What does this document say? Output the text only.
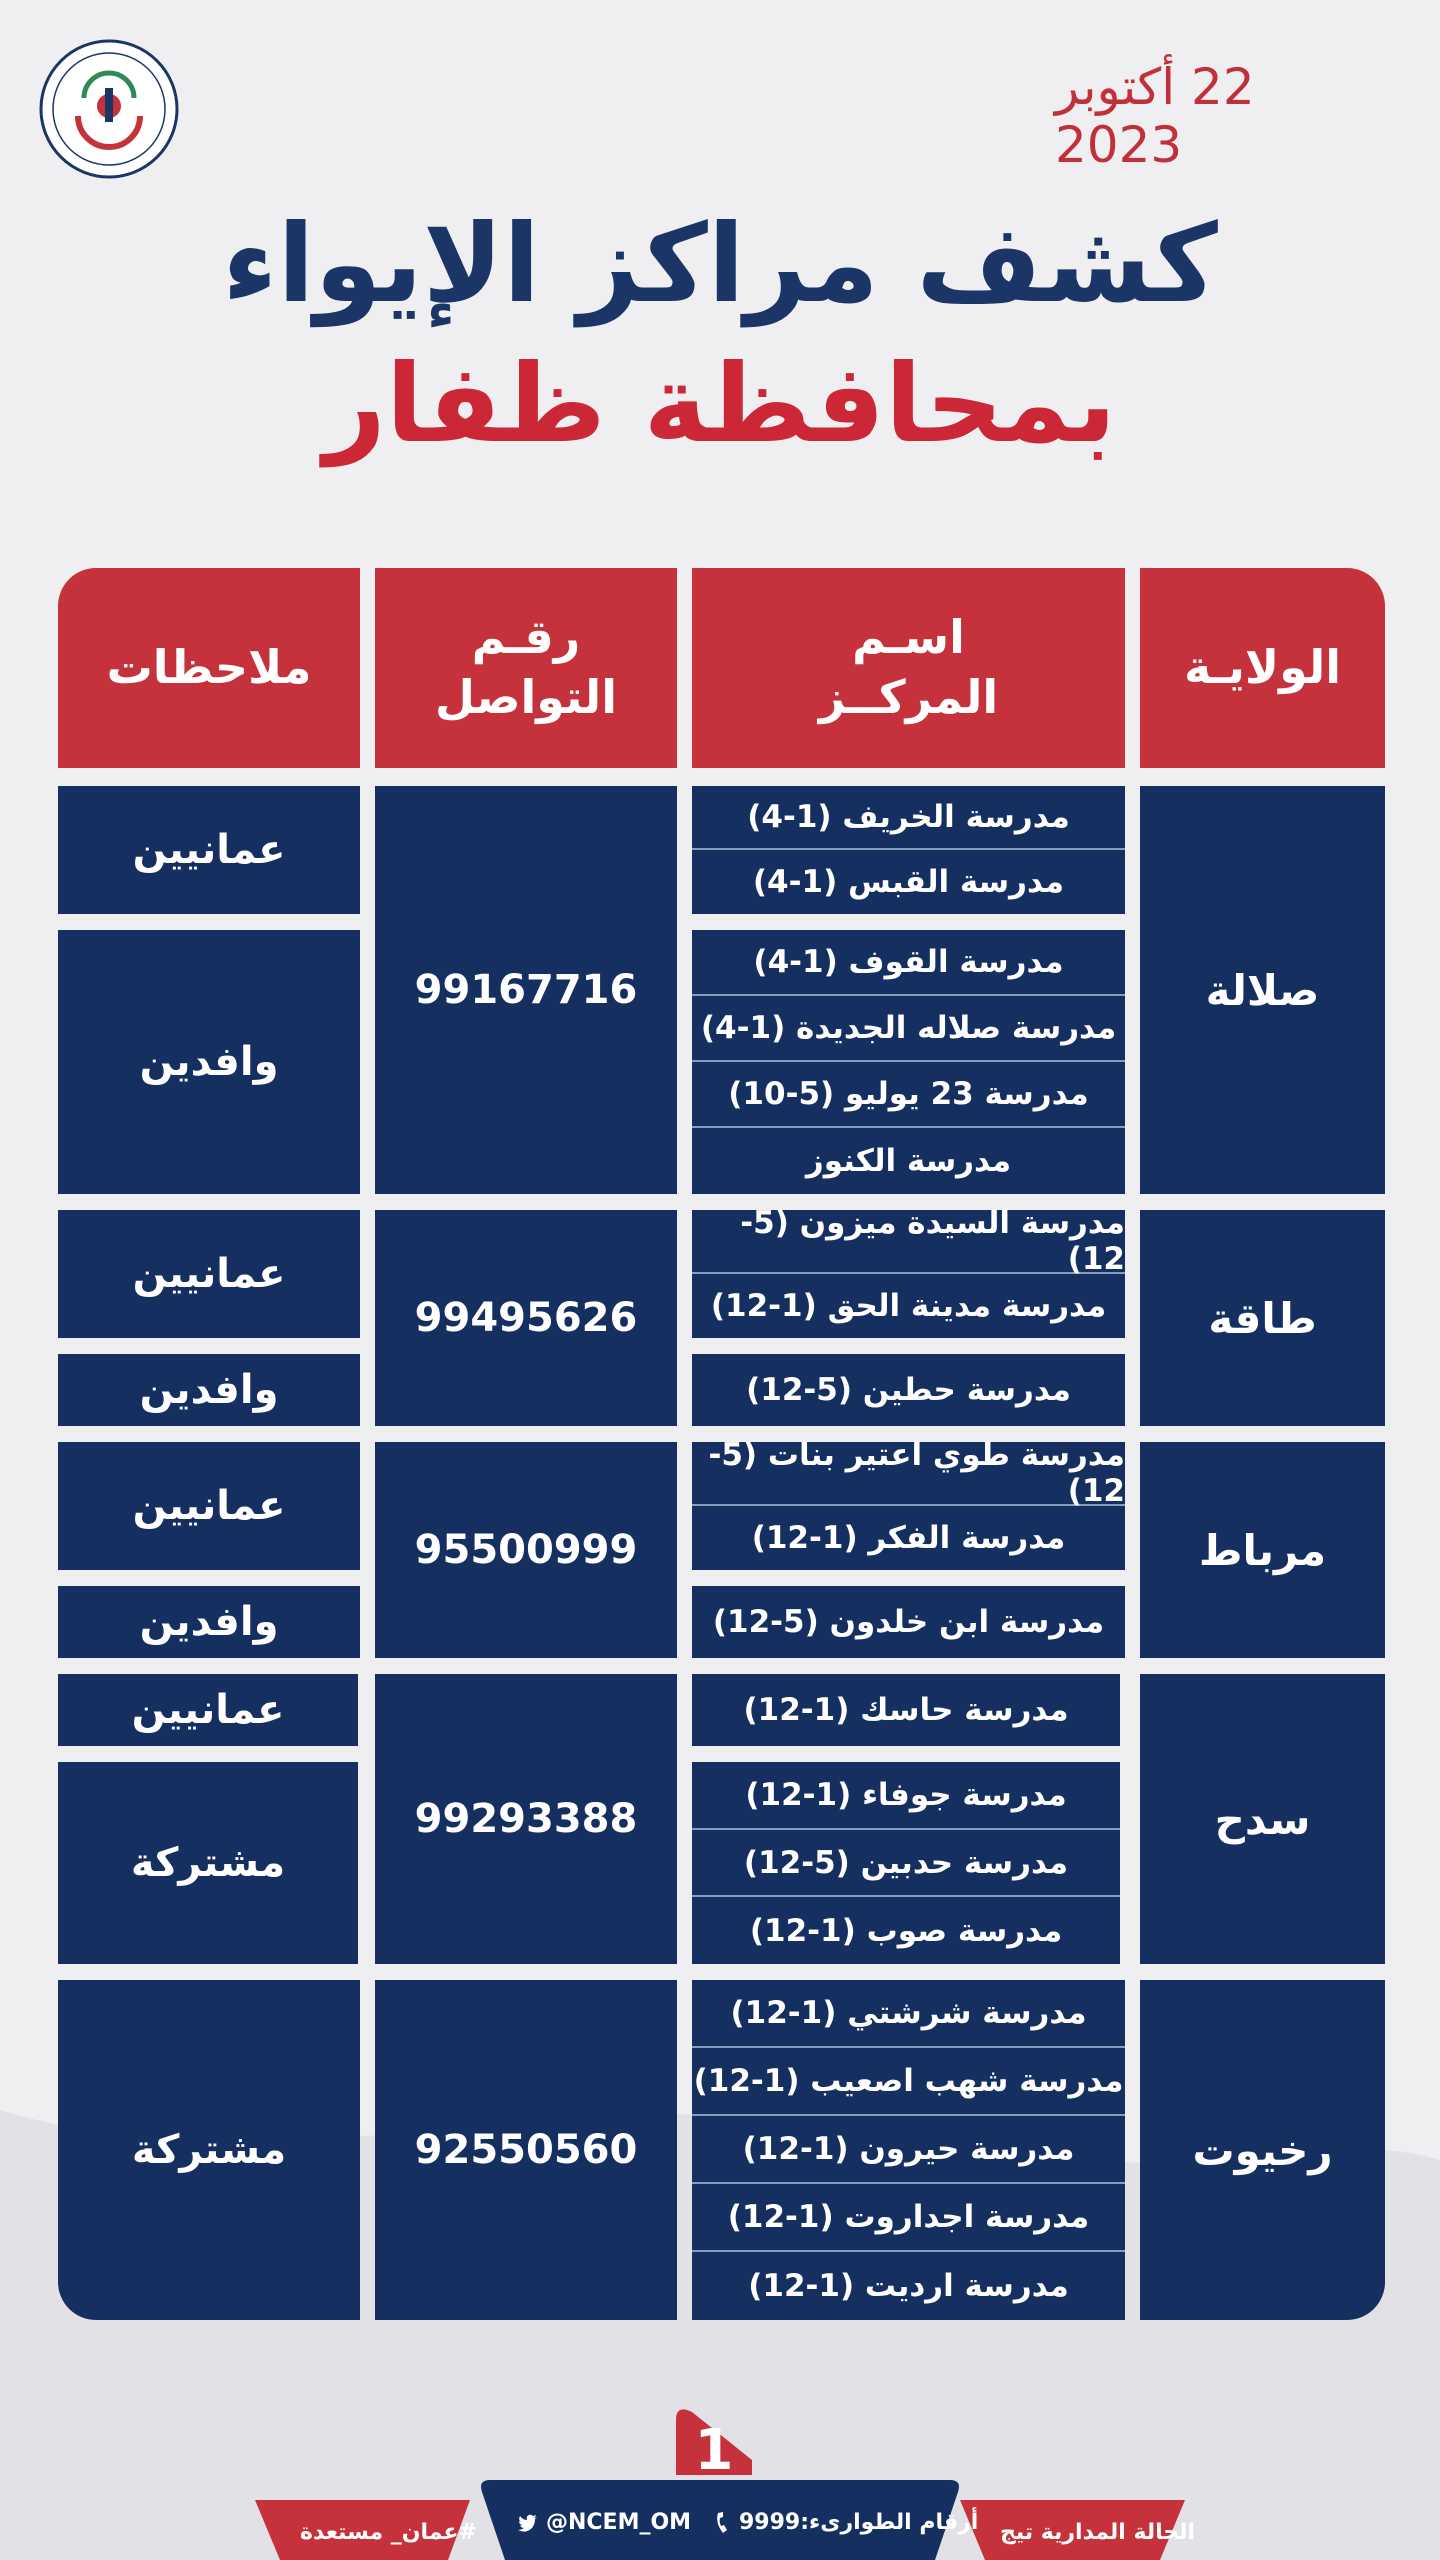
22 أكتوبر 2023
كشف مراكز الإيواء
بمحافظة ظفار
الولايـة
اسـم
المركــز
رقـم
التواصل
ملاحظات
صلالة
مدرسة الخريف (1-4)
مدرسة القبس (1-4)
مدرسة القوف (1-4)
مدرسة صلاله الجديدة (1-4)
مدرسة 23 يوليو (5-10)
مدرسة الكنوز
99167716
عمانيين
وافدين
طاقة
مدرسة السيدة ميزون (5-12)
مدرسة مدينة الحق (1-12)
مدرسة حطين (5-12)
99495626
عمانيين
وافدين
مرباط
مدرسة طوي اعتير بنات (5-12)
مدرسة الفكر (1-12)
مدرسة ابن خلدون (5-12)
95500999
عمانيين
وافدين
سدح
مدرسة حاسك (1-12)
مدرسة جوفاء (1-12)
مدرسة حدبين (5-12)
مدرسة صوب (1-12)
99293388
عمانيين
مشتركة
رخيوت
مدرسة شرشتي (1-12)
مدرسة شهب اصعيب (1-12)
مدرسة حيرون (1-12)
مدرسة اجداروت (1-12)
مدرسة ارديت (1-12)
92550560
مشتركة
1
الحالة المدارية تيج
أرقام الطوارىء:9999
@NCEM_OM
#عمان_ مستعدة
